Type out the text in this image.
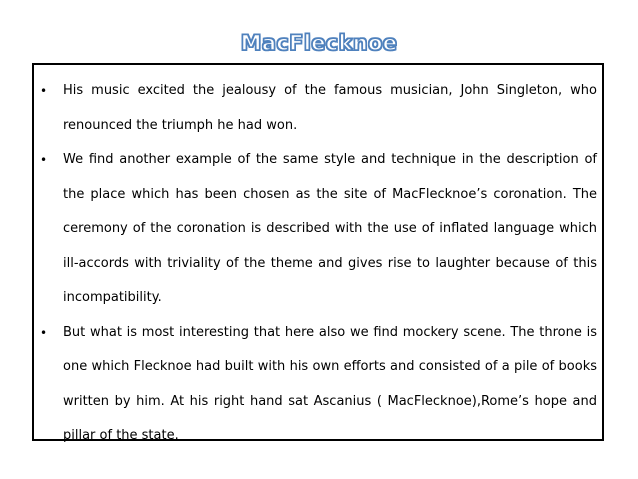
MacFlecknoe
• His music excited the jealousy of the famous musician, John Singleton, who renounced the triumph he had won.
• We find another example of the same style and technique in the description of the place which has been chosen as the site of MacFlecknoe’s coronation. The ceremony of the coronation is described with the use of inflated language which ill-accords with triviality of the theme and gives rise to laughter because of this incompatibility.
• But what is most interesting that here also we find mockery scene. The throne is one which Flecknoe had built with his own efforts and consisted of a pile of books written by him. At his right hand sat Ascanius ( MacFlecknoe),Rome’s hope and pillar of the state.
